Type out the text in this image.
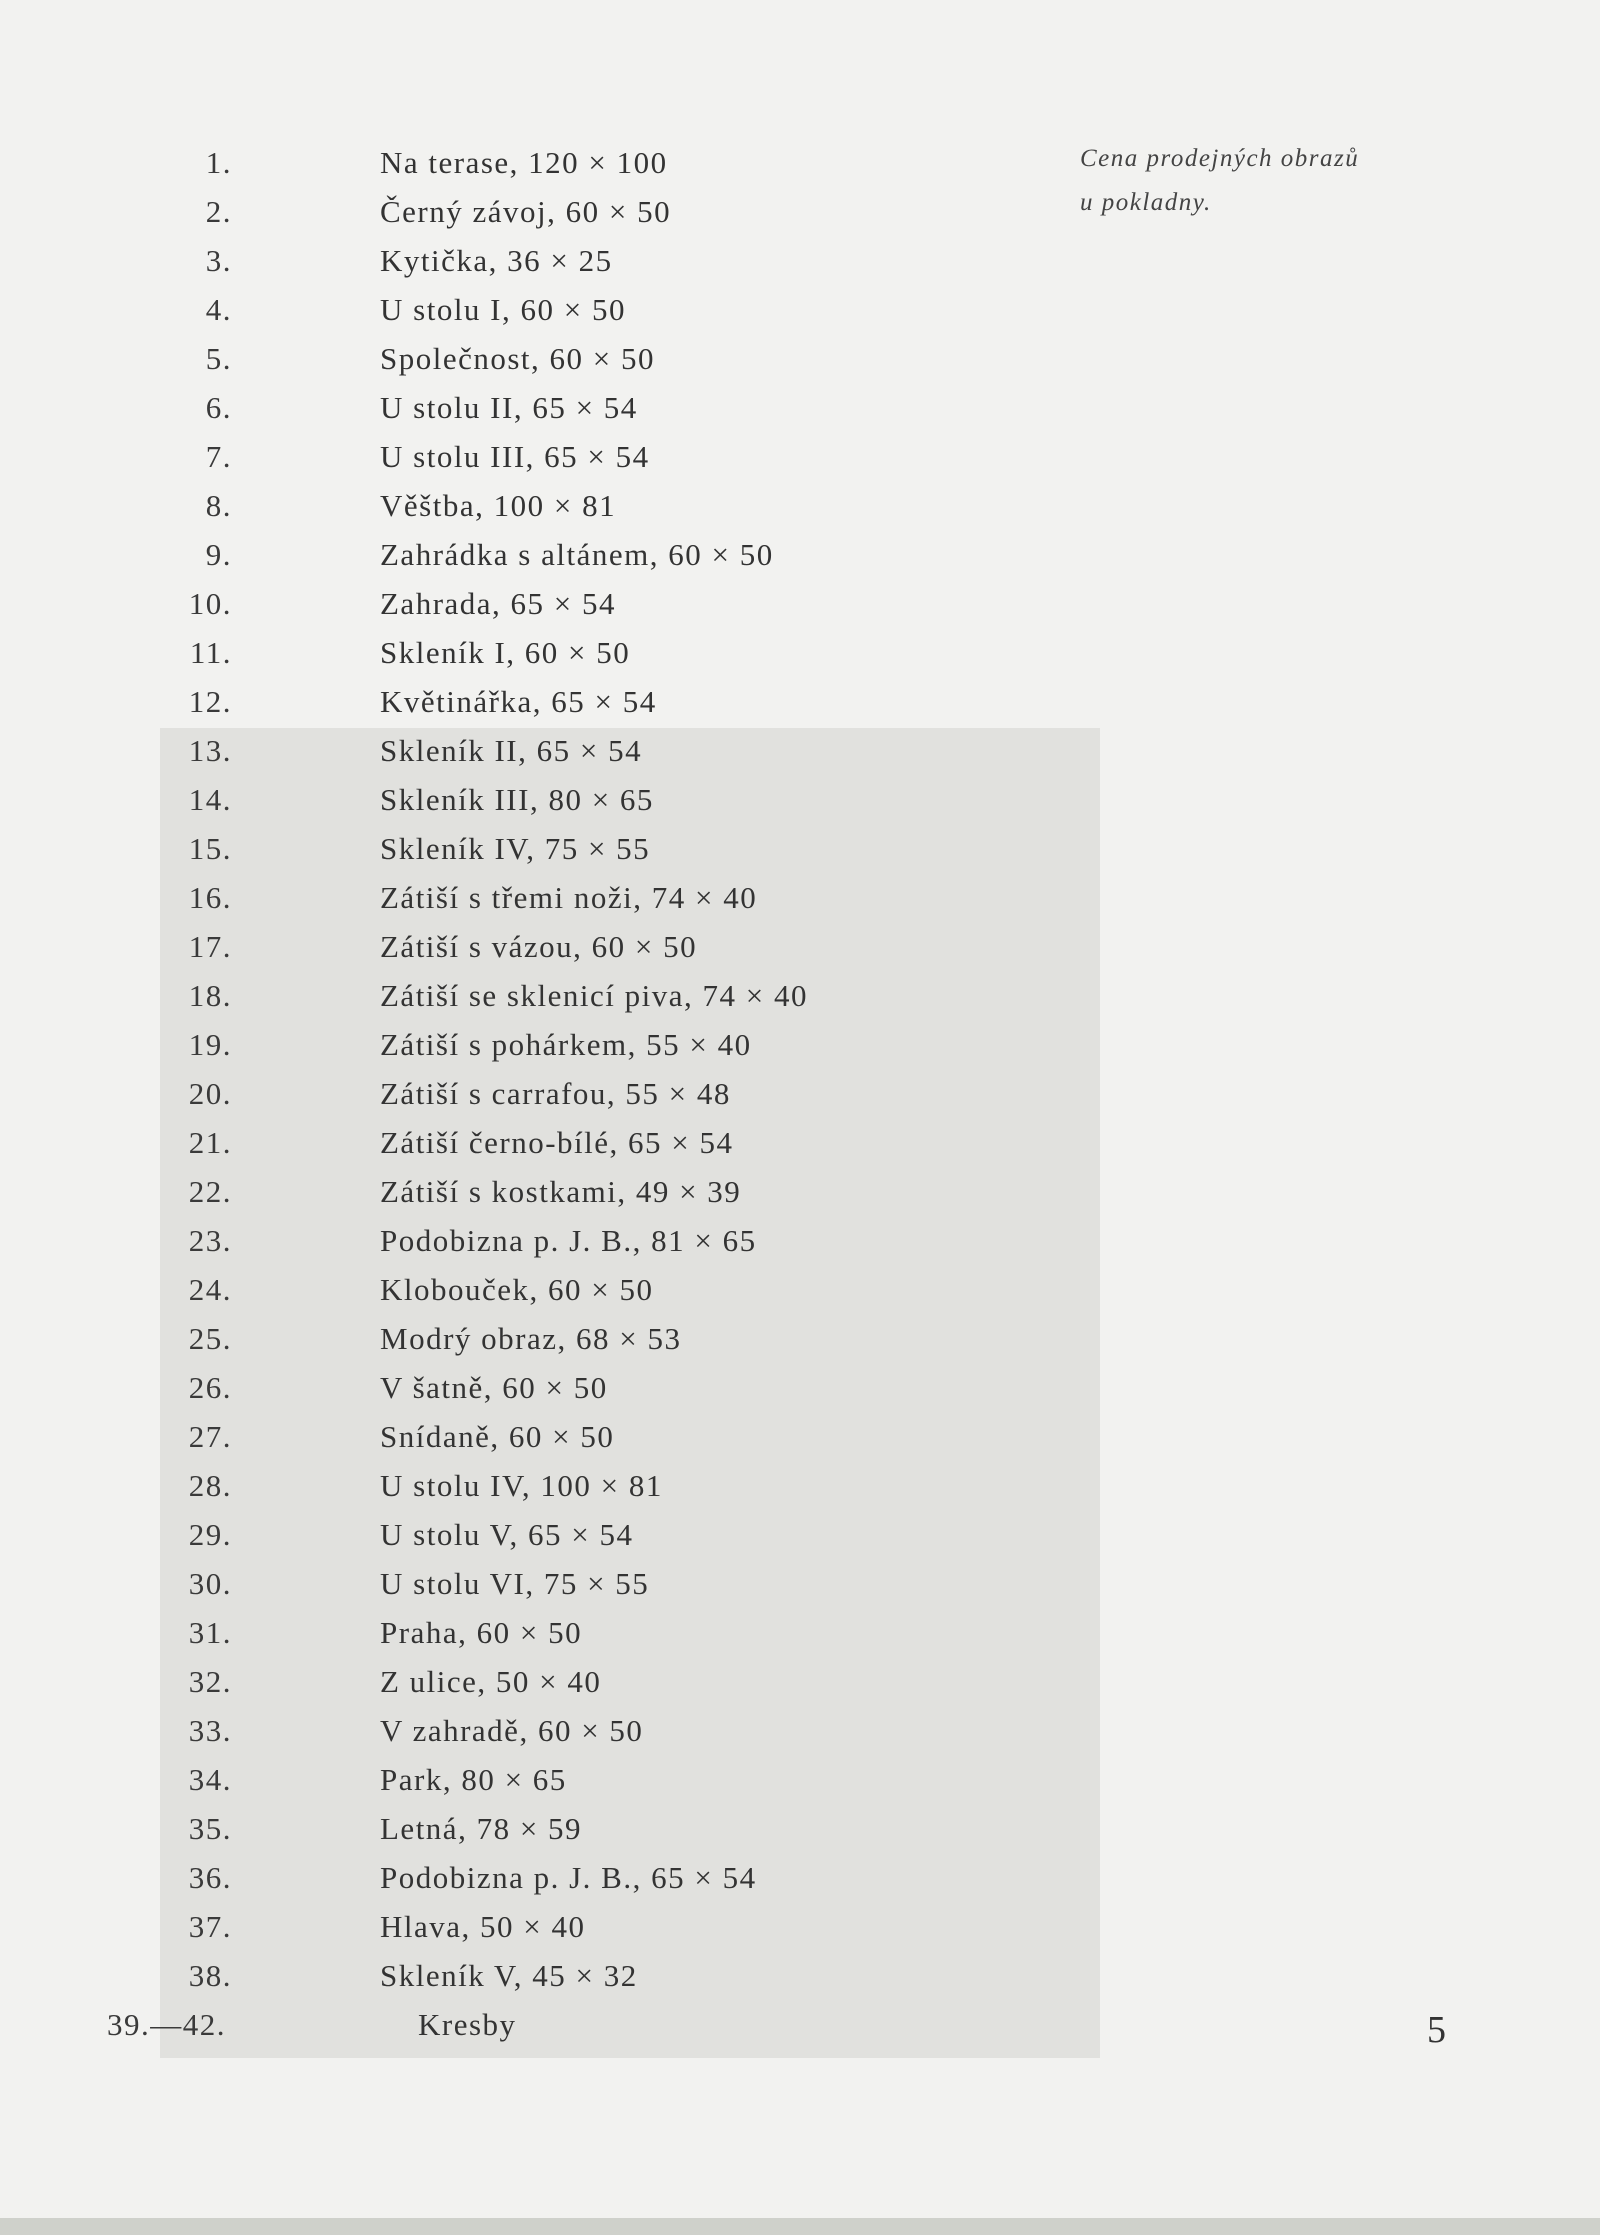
1.	Na terase, 120 × 100
2.	Černý závoj, 60 × 50
3.	Kytička, 36 × 25
4.	U stolu I, 60 × 50
5.	Společnost, 60 × 50
6.	U stolu II, 65 × 54
7.	U stolu III, 65 × 54
8.	Věštba, 100 × 81
9.	Zahrádka s altánem, 60 × 50
10.	Zahrada, 65 × 54
11.	Skleník I, 60 × 50
12.	Květinářka, 65 × 54
13.	Skleník II, 65 × 54
14.	Skleník III, 80 × 65
15.	Skleník IV, 75 × 55
16.	Zátiší s třemi noži, 74 × 40
17.	Zátiší s vázou, 60 × 50
18.	Zátiší se sklenicí piva, 74 × 40
19.	Zátiší s pohárkem, 55 × 40
20.	Zátiší s carrafou, 55 × 48
21.	Zátiší černo-bílé, 65 × 54
22.	Zátiší s kostkami, 49 × 39
23.	Podobizna p. J. B., 81 × 65
24.	Klobouček, 60 × 50
25.	Modrý obraz, 68 × 53
26.	V šatně, 60 × 50
27.	Snídaně, 60 × 50
28.	U stolu IV, 100 × 81
29.	U stolu V, 65 × 54
30.	U stolu VI, 75 × 55
31.	Praha, 60 × 50
32.	Z ulice, 50 × 40
33.	V zahradě, 60 × 50
34.	Park, 80 × 65
35.	Letná, 78 × 59
36.	Podobizna p. J. B., 65 × 54
37.	Hlava, 50 × 40
38.	Skleník V, 45 × 32
39.—42.	Kresby
Cena prodejných obrazů
u pokladny.
5
